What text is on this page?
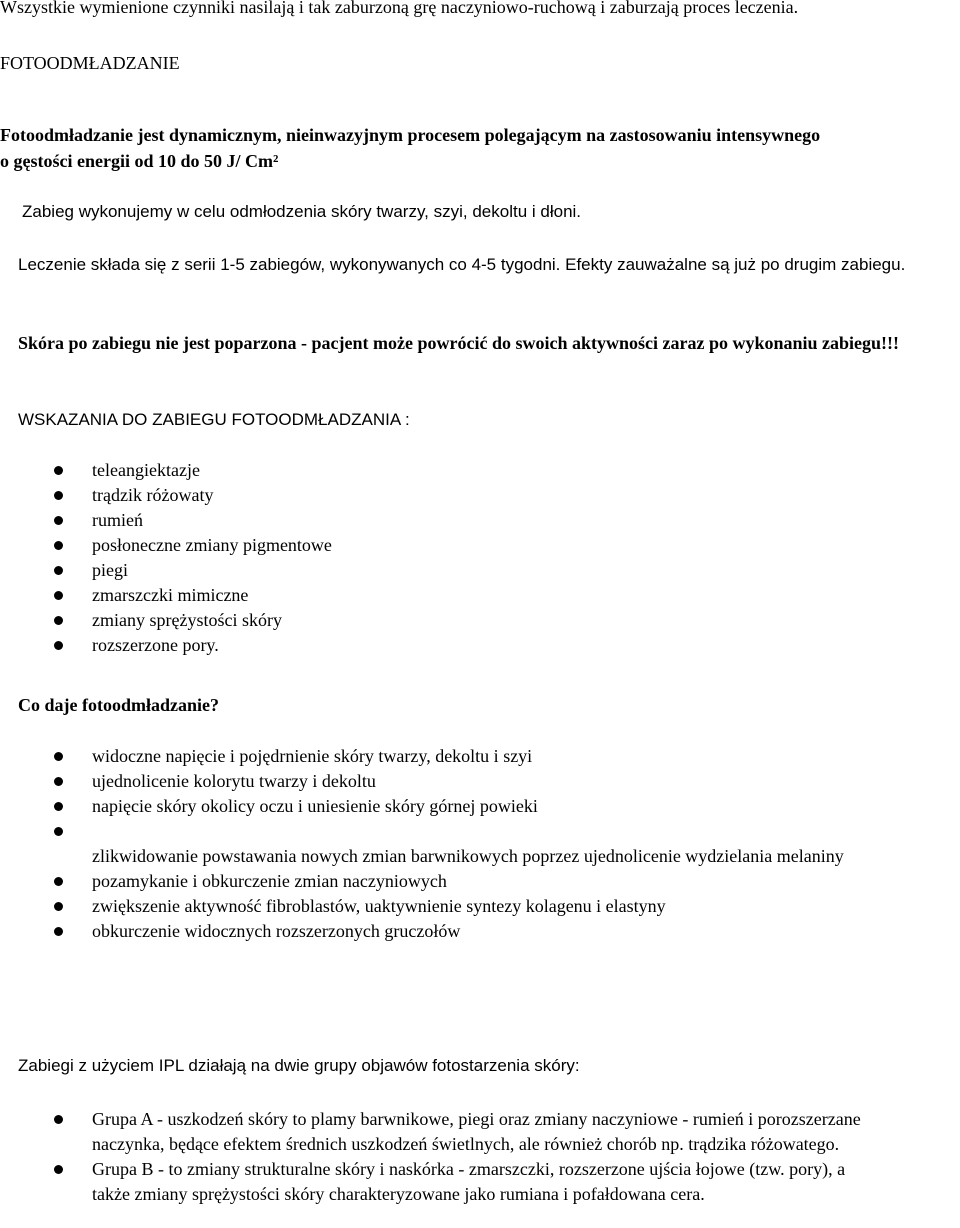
Wszystkie wymienione czynniki nasilają i tak zaburzoną grę naczyniowo-ruchową i zaburzają proces leczenia.
FOTOODMŁADZANIE
Fotoodmładzanie jest dynamicznym, nieinwazyjnym procesem polegającym na zastosowaniu intensywnego
o gęstości energii od 10 do 50 J/ Cm²
Zabieg wykonujemy w celu odmłodzenia skóry twarzy, szyi, dekoltu i dłoni.
Leczenie składa się z serii 1-5 zabiegów, wykonywanych co 4-5 tygodni. Efekty zauważalne są już po drugim zabiegu.
Skóra po zabiegu nie jest poparzona - pacjent może powrócić do swoich aktywności zaraz po wykonaniu zabiegu!!!
WSKAZANIA DO ZABIEGU FOTOODMŁADZANIA :
teleangiektazje
trądzik różowaty
rumień
posłoneczne zmiany pigmentowe
piegi
zmarszczki mimiczne
zmiany sprężystości skóry
rozszerzone pory.
Co daje fotoodmładzanie?
widoczne napięcie i pojędrnienie skóry twarzy, dekoltu i szyi
ujednolicenie kolorytu twarzy i dekoltu
napięcie skóry okolicy oczu i uniesienie skóry górnej powieki
zlikwidowanie powstawania nowych zmian barwnikowych poprzez ujednolicenie wydzielania melaniny
pozamykanie i obkurczenie zmian naczyniowych
zwiększenie aktywność fibroblastów, uaktywnienie syntezy kolagenu i elastyny
obkurczenie widocznych rozszerzonych gruczołów
Zabiegi z użyciem IPL działają na dwie grupy objawów fotostarzenia skóry:
Grupa A - uszkodzeń skóry to plamy barwnikowe, piegi oraz zmiany naczyniowe - rumień i porozszerzane naczynka, będące efektem średnich uszkodzeń świetlnych, ale również chorób np. trądzika różowatego.
Grupa B - to zmiany strukturalne skóry i naskórka - zmarszczki, rozszerzone ujścia łojowe (tzw. pory), a także zmiany sprężystości skóry charakteryzowane jako rumiana i pofałdowana cera.
